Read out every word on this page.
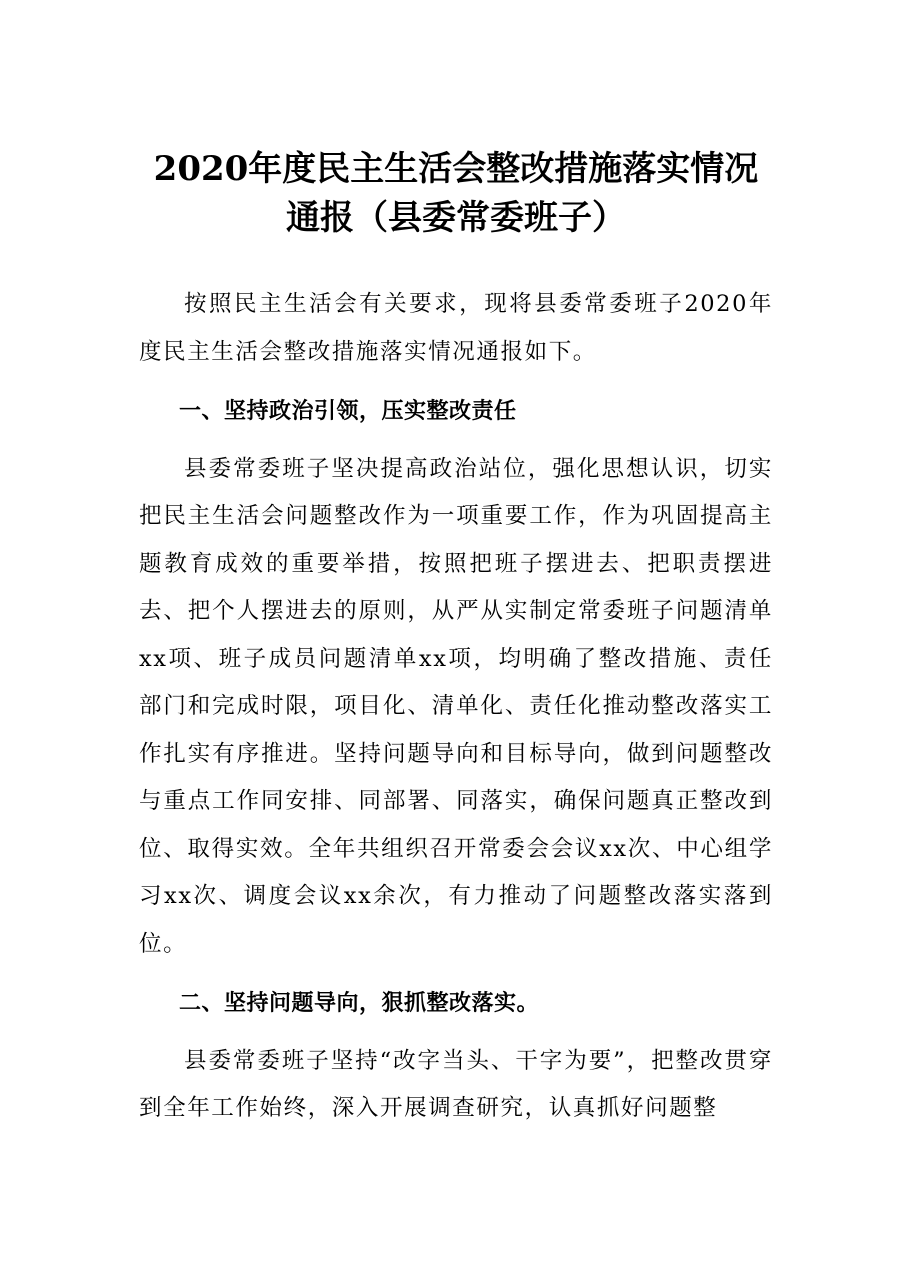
2020年度民主生活会整改措施落实情况通报（县委常委班子）

按照民主生活会有关要求，现将县委常委班子2020年度民主生活会整改措施落实情况通报如下。

一、坚持政治引领，压实整改责任

县委常委班子坚决提高政治站位，强化思想认识，切实把民主生活会问题整改作为一项重要工作，作为巩固提高主题教育成效的重要举措，按照把班子摆进去、把职责摆进去、把个人摆进去的原则，从严从实制定常委班子问题清单xx项、班子成员问题清单xx项，均明确了整改措施、责任部门和完成时限，项目化、清单化、责任化推动整改落实工作扎实有序推进。坚持问题导向和目标导向，做到问题整改与重点工作同安排、同部署、同落实，确保问题真正整改到位、取得实效。全年共组织召开常委会会议xx次、中心组学习xx次、调度会议xx余次，有力推动了问题整改落实落到位。

二、坚持问题导向，狠抓整改落实。

县委常委班子坚持“改字当头、干字为要”，把整改贯穿到全年工作始终，深入开展调查研究，认真抓好问题整
